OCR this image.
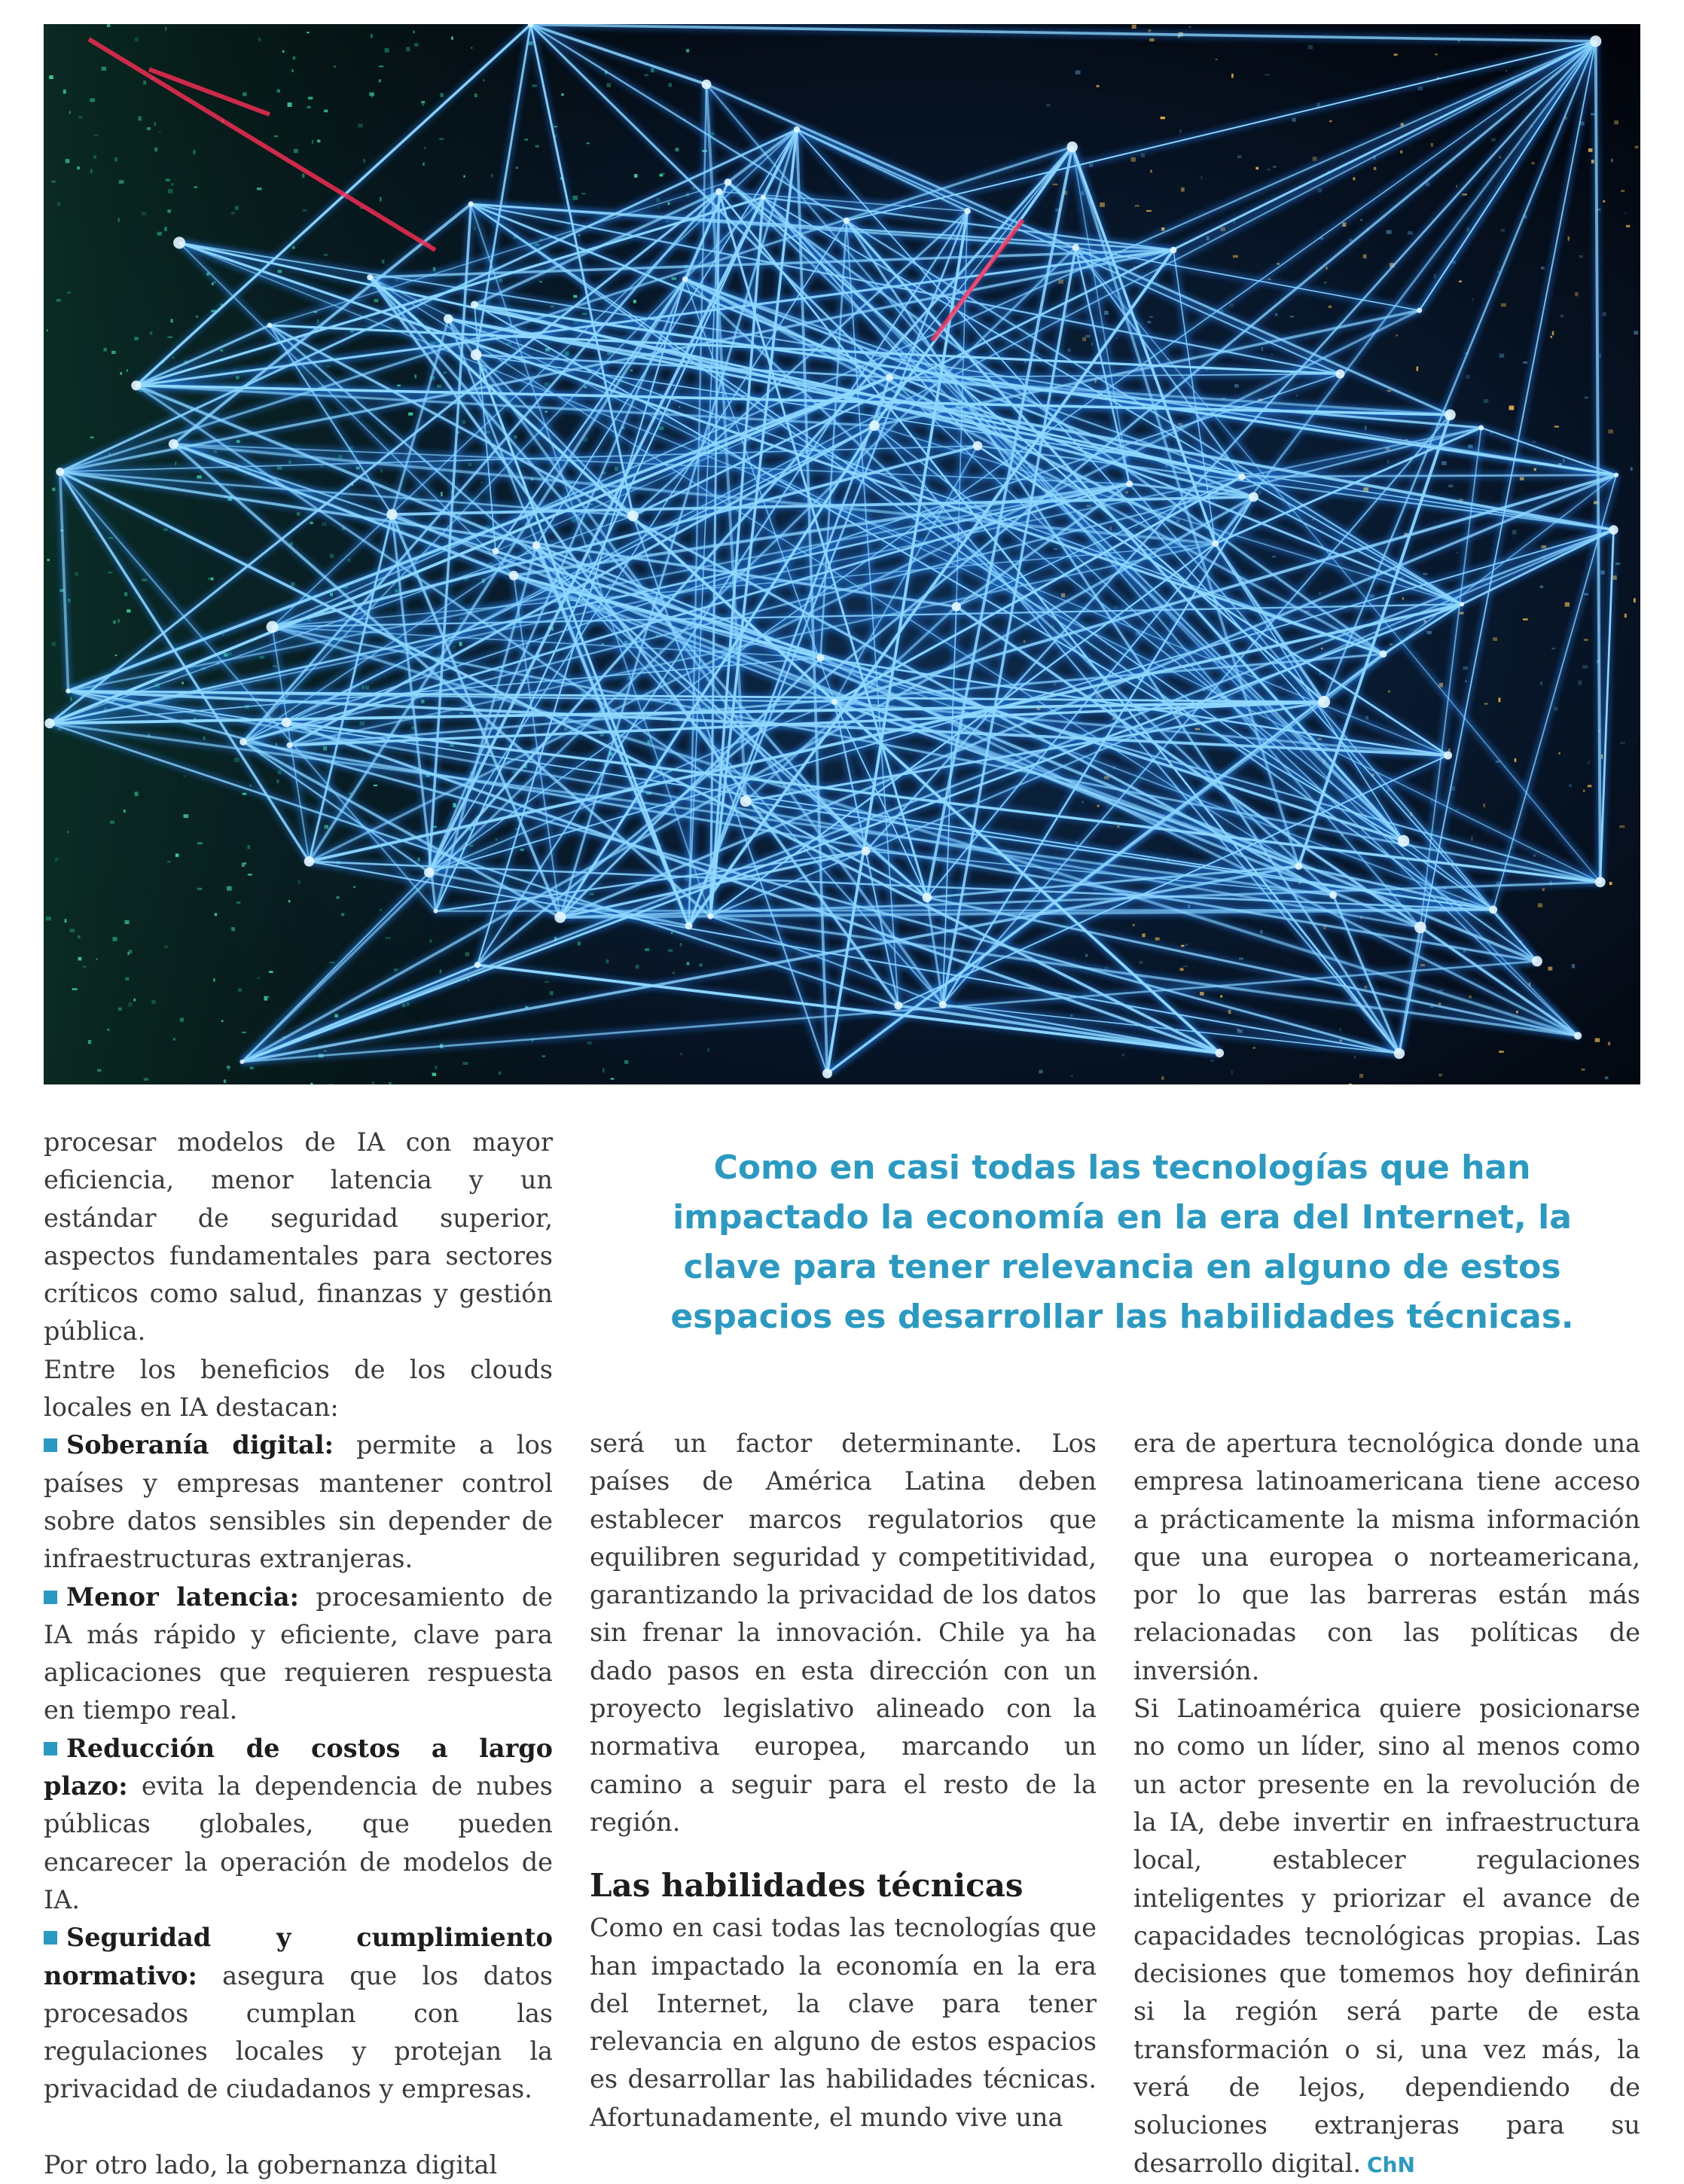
procesar modelos de IA con mayor eficiencia, menor latencia y un estándar de seguridad superior, aspectos fundamentales para sectores críticos como salud, finanzas y gestión pública.

Entre los beneficios de los clouds locales en IA destacan:

Soberanía digital: permite a los países y empresas mantener control sobre datos sensibles sin depender de infraestructuras extranjeras.

Menor latencia: procesamiento de IA más rápido y eficiente, clave para aplicaciones que requieren respuesta en tiempo real.

Reducción de costos a largo plazo: evita la dependencia de nubes públicas globales, que pueden encarecer la operación de modelos de IA.

Seguridad y cumplimiento normativo: asegura que los datos procesados cumplan con las regulaciones locales y protejan la privacidad de ciudadanos y empresas.

Por otro lado, la gobernanza digital

Como en casi todas las tecnologías que han impactado la economía en la era del Internet, la clave para tener relevancia en alguno de estos espacios es desarrollar las habilidades técnicas.

será un factor determinante. Los países de América Latina deben establecer marcos regulatorios que equilibren seguridad y competitividad, garantizando la privacidad de los datos sin frenar la innovación. Chile ya ha dado pasos en esta dirección con un proyecto legislativo alineado con la normativa europea, marcando un camino a seguir para el resto de la región.

Las habilidades técnicas

Como en casi todas las tecnologías que han impactado la economía en la era del Internet, la clave para tener relevancia en alguno de estos espacios es desarrollar las habilidades técnicas. Afortunadamente, el mundo vive una

era de apertura tecnológica donde una empresa latinoamericana tiene acceso a prácticamente la misma información que una europea o norteamericana, por lo que las barreras están más relacionadas con las políticas de inversión.

Si Latinoamérica quiere posicionarse no como un líder, sino al menos como un actor presente en la revolución de la IA, debe invertir en infraestructura local, establecer regulaciones inteligentes y priorizar el avance de capacidades tecnológicas propias. Las decisiones que tomemos hoy definirán si la región será parte de esta transformación o si, una vez más, la verá de lejos, dependiendo de soluciones extranjeras para su desarrollo digital. ChN
